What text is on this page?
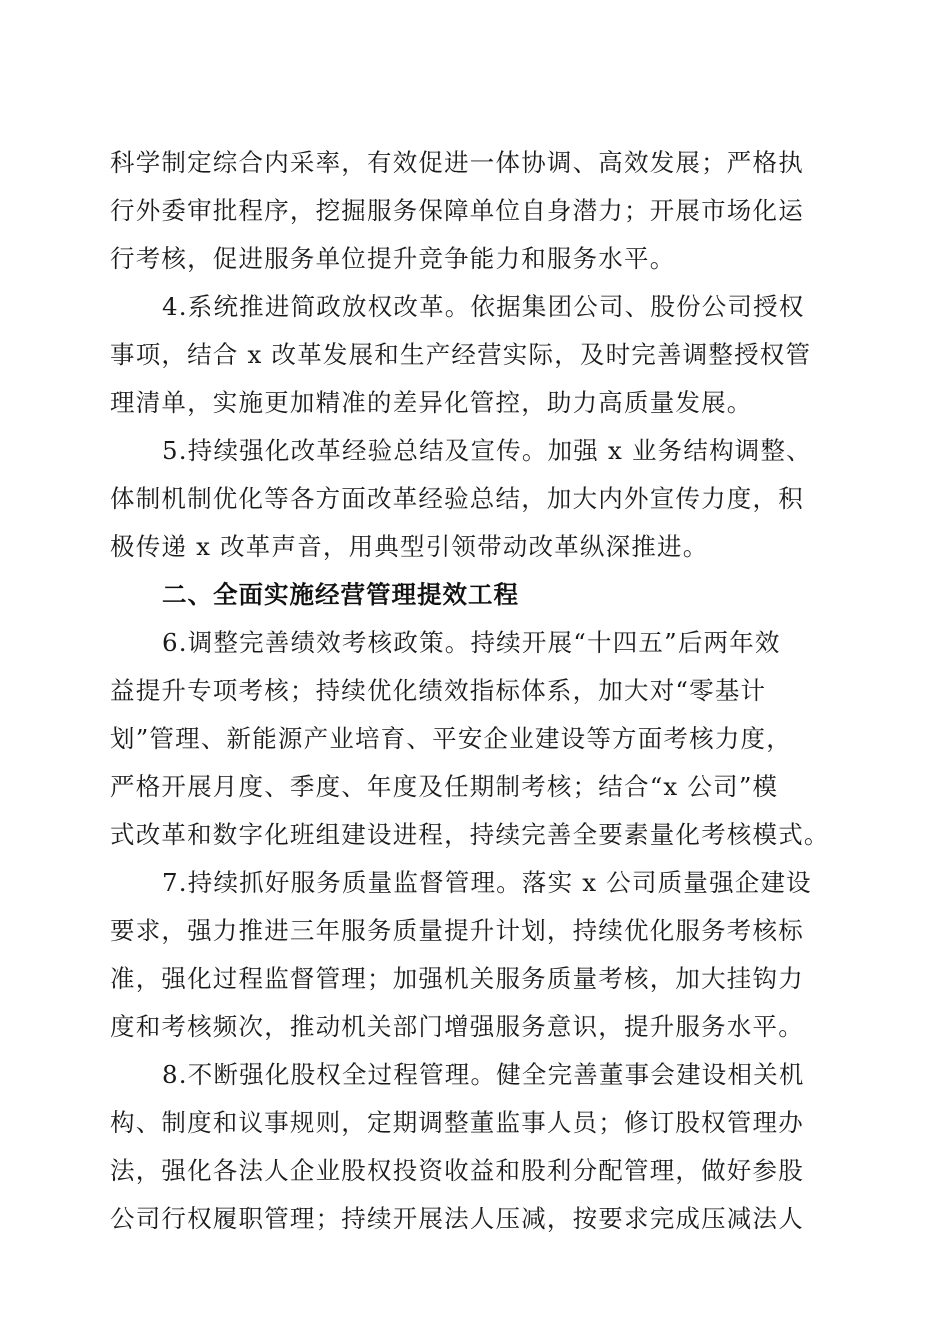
科学制定综合内采率，有效促进一体协调、高效发展；严格执
行外委审批程序，挖掘服务保障单位自身潜力；开展市场化运
行考核，促进服务单位提升竞争能力和服务水平。
4.系统推进简政放权改革。依据集团公司、股份公司授权
事项，结合 x 改革发展和生产经营实际，及时完善调整授权管
理清单，实施更加精准的差异化管控，助力高质量发展。
5.持续强化改革经验总结及宣传。加强 x 业务结构调整、
体制机制优化等各方面改革经验总结，加大内外宣传力度，积
极传递 x 改革声音，用典型引领带动改革纵深推进。
二、全面实施经营管理提效工程
6.调整完善绩效考核政策。持续开展“十四五”后两年效
益提升专项考核；持续优化绩效指标体系，加大对“零基计
划”管理、新能源产业培育、平安企业建设等方面考核力度，
严格开展月度、季度、年度及任期制考核；结合“x 公司”模
式改革和数字化班组建设进程，持续完善全要素量化考核模式。
7.持续抓好服务质量监督管理。落实 x 公司质量强企建设
要求，强力推进三年服务质量提升计划，持续优化服务考核标
准，强化过程监督管理；加强机关服务质量考核，加大挂钩力
度和考核频次，推动机关部门增强服务意识，提升服务水平。
8.不断强化股权全过程管理。健全完善董事会建设相关机
构、制度和议事规则，定期调整董监事人员；修订股权管理办
法，强化各法人企业股权投资收益和股利分配管理，做好参股
公司行权履职管理；持续开展法人压减，按要求完成压减法人
